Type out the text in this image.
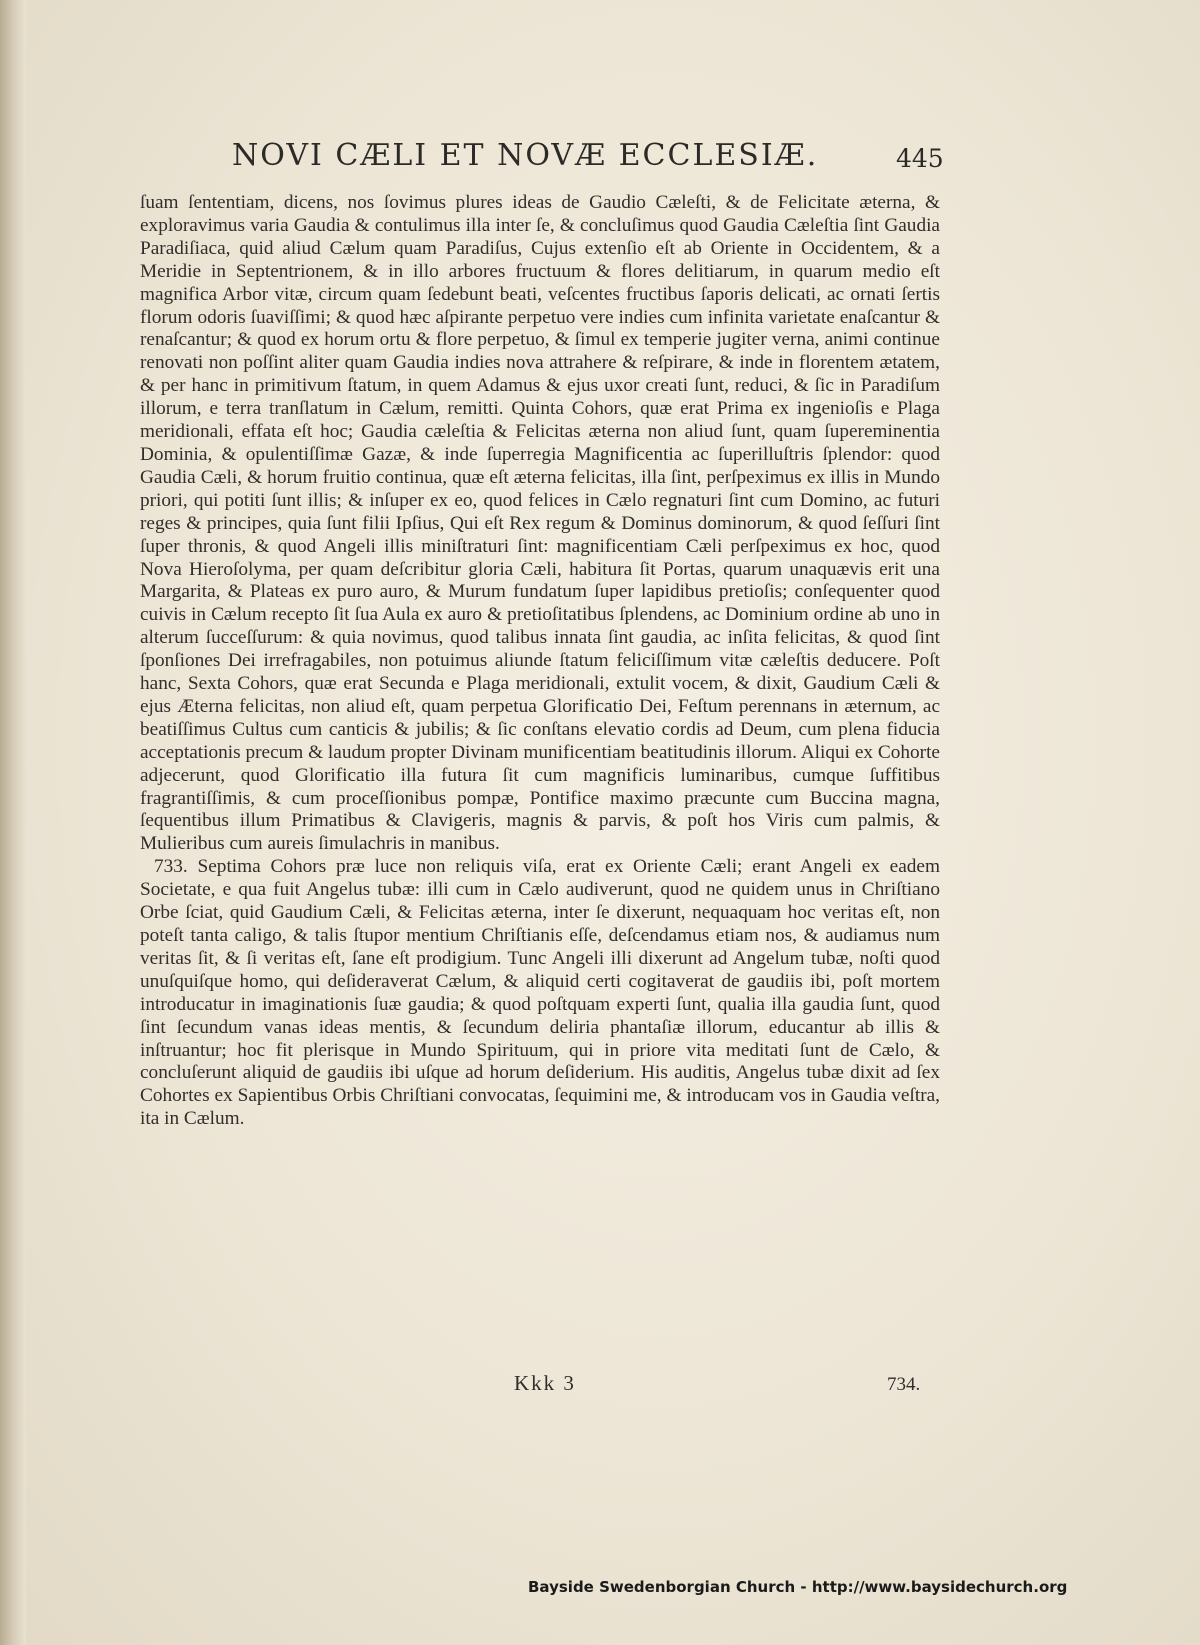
NOVI CÆLI ET NOVÆ ECCLESIÆ.	445

ſuam ſententiam, dicens, nos ſovimus plures ideas de Gaudio Cæleſti, & de Felicitate æterna, & exploravimus varia Gaudia & contulimus illa inter ſe, & concluſimus quod Gaudia Cæleſtia ſint Gaudia Paradiſiaca, quid aliud Cælum quam Paradiſus, Cujus extenſio eſt ab Oriente in Occidentem, & a Meridie in Septentrionem, & in illo arbores fructuum & flores delitiarum, in quarum medio eſt magnifica Arbor vitæ, circum quam ſedebunt beati, veſcentes fructibus ſaporis delicati, ac ornati ſertis florum odoris ſuaviſſimi; & quod hæc aſpirante perpetuo vere indies cum infinita varietate enaſcantur & renaſcantur; & quod ex horum ortu & flore perpetuo, & ſimul ex temperie jugiter verna, animi continue renovati non poſſint aliter quam Gaudia indies nova attrahere & reſpirare, & inde in florentem ætatem, & per hanc in primitivum ſtatum, in quem Adamus & ejus uxor creati ſunt, reduci, & ſic in Paradiſum illorum, e terra tranſlatum in Cælum, remitti. Quinta Cohors, quæ erat Prima ex ingenioſis e Plaga meridionali, effata eſt hoc; Gaudia cæleſtia & Felicitas æterna non aliud ſunt, quam ſupereminentia Dominia, & opulentiſſimæ Gazæ, & inde ſuperregia Magnificentia ac ſuperilluſtris ſplendor: quod Gaudia Cæli, & horum fruitio continua, quæ eſt æterna felicitas, illa ſint, perſpeximus ex illis in Mundo priori, qui potiti ſunt illis; & inſuper ex eo, quod felices in Cælo regnaturi ſint cum Domino, ac futuri reges & principes, quia ſunt filii Ipſius, Qui eſt Rex regum & Dominus dominorum, & quod ſeſſuri ſint ſuper thronis, & quod Angeli illis miniſtraturi ſint: magnificentiam Cæli perſpeximus ex hoc, quod Nova Hieroſolyma, per quam deſcribitur gloria Cæli, habitura ſit Portas, quarum unaquævis erit una Margarita, & Plateas ex puro auro, & Murum fundatum ſuper lapidibus pretioſis; conſequenter quod cuivis in Cælum recepto ſit ſua Aula ex auro & pretioſitatibus ſplendens, ac Dominium ordine ab uno in alterum ſucceſſurum: & quia novimus, quod talibus innata ſint gaudia, ac inſita felicitas, & quod ſint ſponſiones Dei irrefragabiles, non potuimus aliunde ſtatum feliciſſimum vitæ cæleſtis deducere. Poſt hanc, Sexta Cohors, quæ erat Secunda e Plaga meridionali, extulit vocem, & dixit, Gaudium Cæli & ejus Æterna felicitas, non aliud eſt, quam perpetua Glorificatio Dei, Feſtum perennans in æternum, ac beatiſſimus Cultus cum canticis & jubilis; & ſic conſtans elevatio cordis ad Deum, cum plena fiducia acceptationis precum & laudum propter Divinam munificentiam beatitudinis illorum. Aliqui ex Cohorte adjecerunt, quod Glorificatio illa futura ſit cum magnificis luminaribus, cumque ſuffitibus fragrantiſſimis, & cum proceſſionibus pompæ, Pontifice maximo præcunte cum Buccina magna, ſequentibus illum Primatibus & Clavigeris, magnis & parvis, & poſt hos Viris cum palmis, & Mulieribus cum aureis ſimulachris in manibus.

733. Septima Cohors præ luce non reliquis viſa, erat ex Oriente Cæli; erant Angeli ex eadem Societate, e qua fuit Angelus tubæ: illi cum in Cælo audiverunt, quod ne quidem unus in Chriſtiano Orbe ſciat, quid Gaudium Cæli, & Felicitas æterna, inter ſe dixerunt, nequaquam hoc veritas eſt, non poteſt tanta caligo, & talis ſtupor mentium Chriſtianis eſſe, deſcendamus etiam nos, & audiamus num veritas ſit, & ſi veritas eſt, ſane eſt prodigium. Tunc Angeli illi dixerunt ad Angelum tubæ, noſti quod unuſquiſque homo, qui deſideraverat Cælum, & aliquid certi cogitaverat de gaudiis ibi, poſt mortem introducatur in imaginationis ſuæ gaudia; & quod poſtquam experti ſunt, qualia illa gaudia ſunt, quod ſint ſecundum vanas ideas mentis, & ſecundum deliria phantaſiæ illorum, educantur ab illis & inſtruantur; hoc fit plerisque in Mundo Spirituum, qui in priore vita meditati ſunt de Cælo, & concluſerunt aliquid de gaudiis ibi uſque ad horum deſiderium. His auditis, Angelus tubæ dixit ad ſex Cohortes ex Sapientibus Orbis Chriſtiani convocatas, ſequimini me, & introducam vos in Gaudia veſtra, ita in Cælum.

Kkk 3	734.
Bayside Swedenborgian Church - http://www.baysidechurch.org
